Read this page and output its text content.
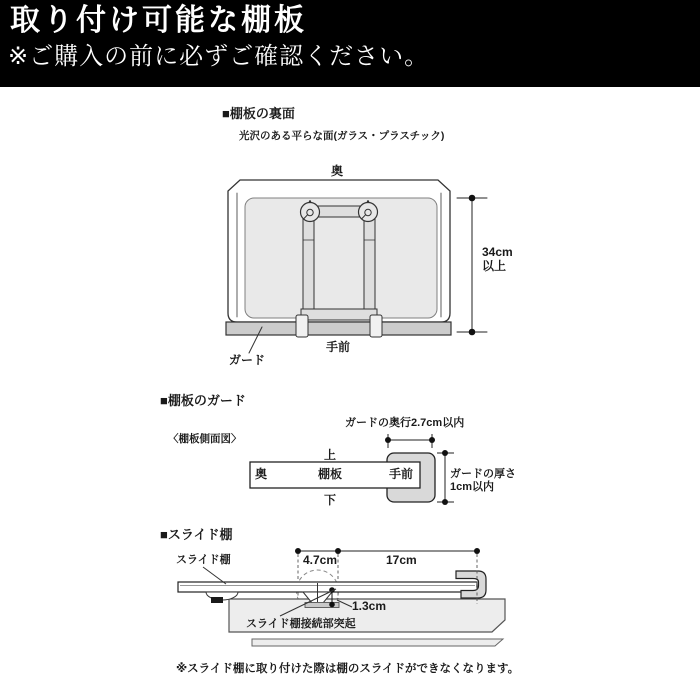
取り付け可能な棚板
※ご購入の前に必ずご確認ください。
■棚板の裏面
光沢のある平らな面(ガラス・プラスチック)
奥
手前
ガード
34cm
以上
■棚板のガード
〈棚板側面図〉
ガードの奥行2.7cm以内
上
奥	棚板	手前
下
ガードの厚さ
1cm以内
■スライド棚
スライド棚	4.7cm	17cm
1.3cm
スライド棚接続部突起
※スライド棚に取り付けた際は棚のスライドができなくなります。
